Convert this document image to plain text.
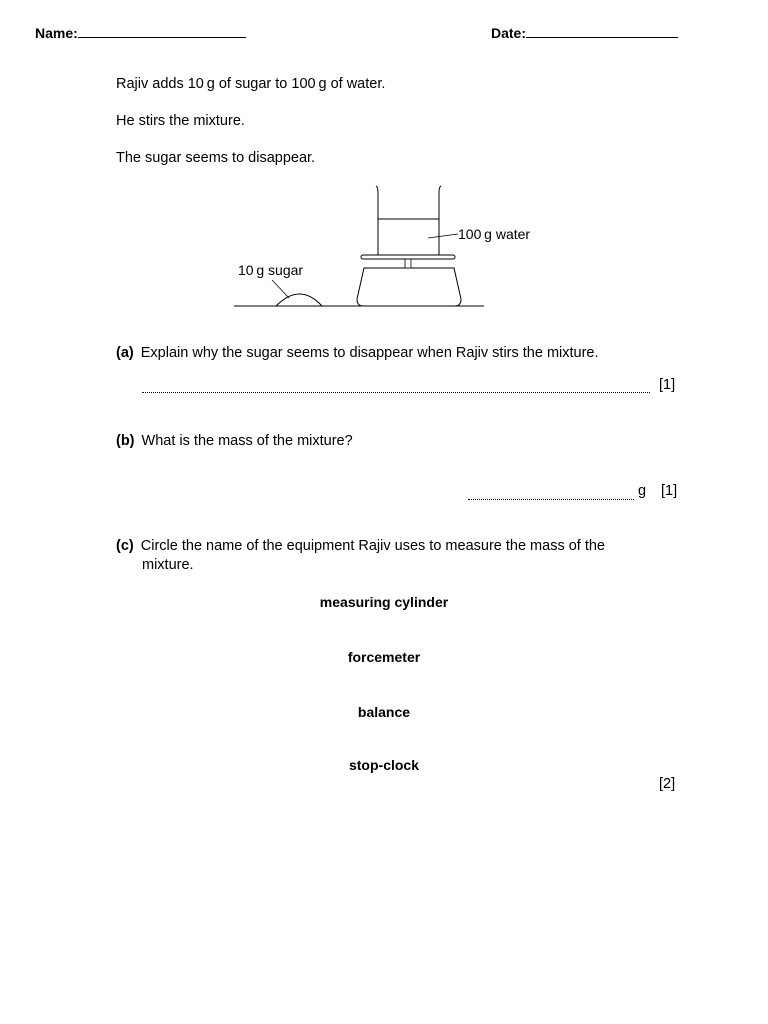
Name:	Date:
Rajiv adds 10 g of sugar to 100 g of water.
He stirs the mixture.
The sugar seems to disappear.
10 g sugar
100 g water
(a) Explain why the sugar seems to disappear when Rajiv stirs the mixture.
[1]
(b) What is the mass of the mixture?
g [1]
(c) Circle the name of the equipment Rajiv uses to measure the mass of the
mixture.
measuring cylinder
forcemeter
balance
stop-clock
[2]
